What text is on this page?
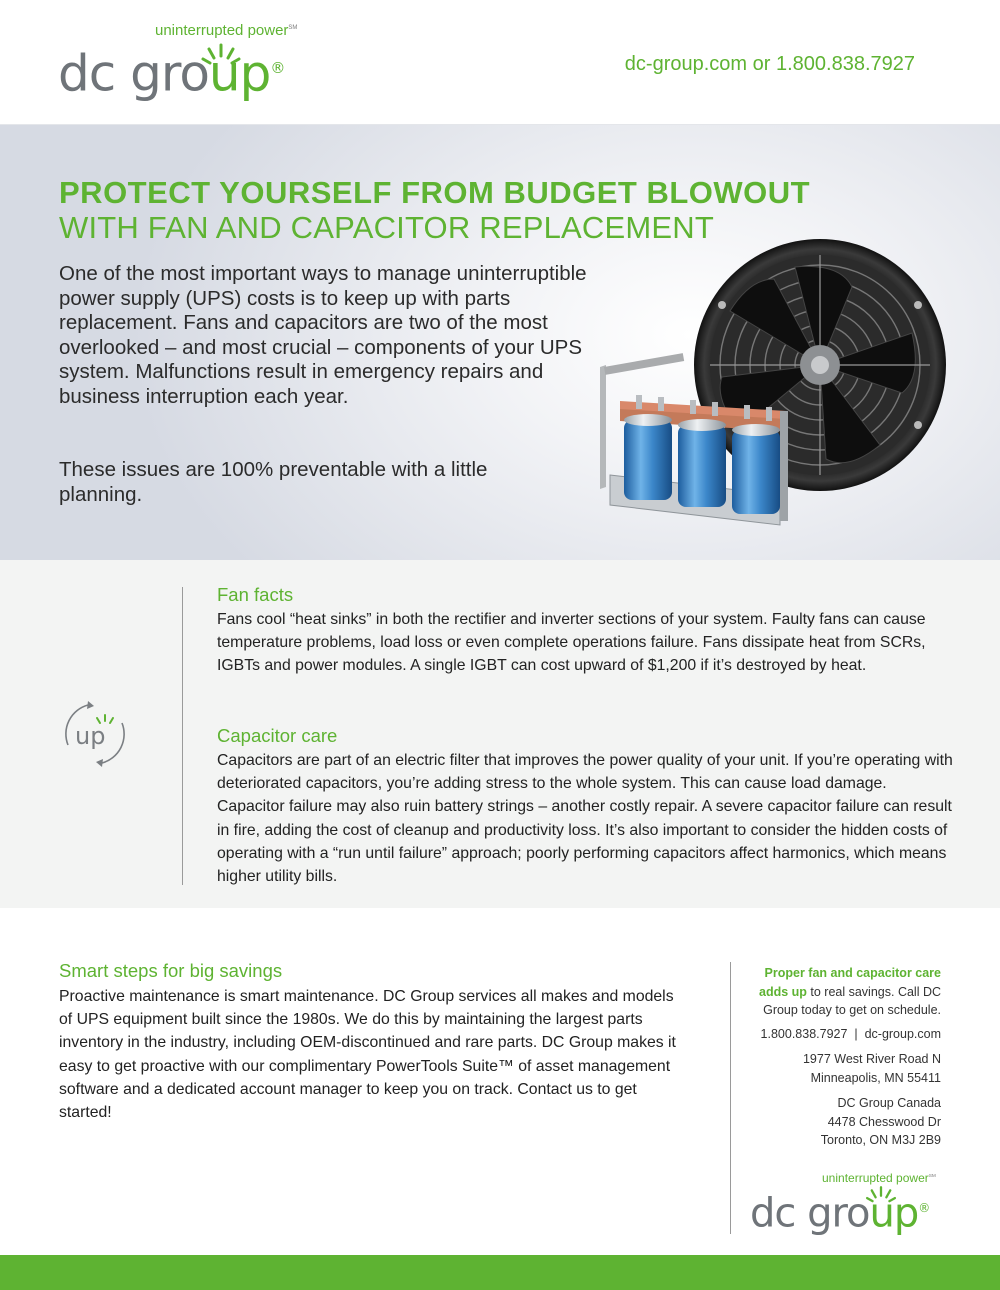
uninterrupted power℠
dc group®	dc-group.com or 1.800.838.7927
PROTECT YOURSELF FROM BUDGET BLOWOUT
WITH FAN AND CAPACITOR REPLACEMENT

One of the most important ways to manage uninterruptible power supply (UPS) costs is to keep up with parts replacement. Fans and capacitors are two of the most overlooked – and most crucial – components of your UPS system. Malfunctions result in emergency repairs and business interruption each year.

These issues are 100% preventable with a little planning.

up
Fan facts

Fans cool “heat sinks” in both the rectifier and inverter sections of your system. Faulty fans can cause temperature problems, load loss or even complete operations failure. Fans dissipate heat from SCRs, IGBTs and power modules. A single IGBT can cost upward of $1,200 if it’s destroyed by heat.

Capacitor care

Capacitors are part of an electric filter that improves the power quality of your unit. If you’re operating with deteriorated capacitors, you’re adding stress to the whole system. This can cause load damage. Capacitor failure may also ruin battery strings – another costly repair. A severe capacitor failure can result in fire, adding the cost of cleanup and productivity loss. It’s also important to consider the hidden costs of operating with a “run until failure” approach; poorly performing capacitors affect harmonics, which means higher utility bills.

Smart steps for big savings

Proactive maintenance is smart maintenance. DC Group services all makes and models of UPS equipment built since the 1980s. We do this by maintaining the largest parts inventory in the industry, including OEM-discontinued and rare parts. DC Group makes it easy to get proactive with our complimentary PowerTools Suite™ of asset management software and a dedicated account manager to keep you on track. Contact us to get started!

Proper fan and capacitor care adds up to real savings. Call DC Group today to get on schedule.
1.800.838.7927  |  dc-group.com
1977 West River Road N
Minneapolis, MN 55411
DC Group Canada
4478 Chesswood Dr
Toronto, ON M3J 2B9
uninterrupted power℠
dc group®
